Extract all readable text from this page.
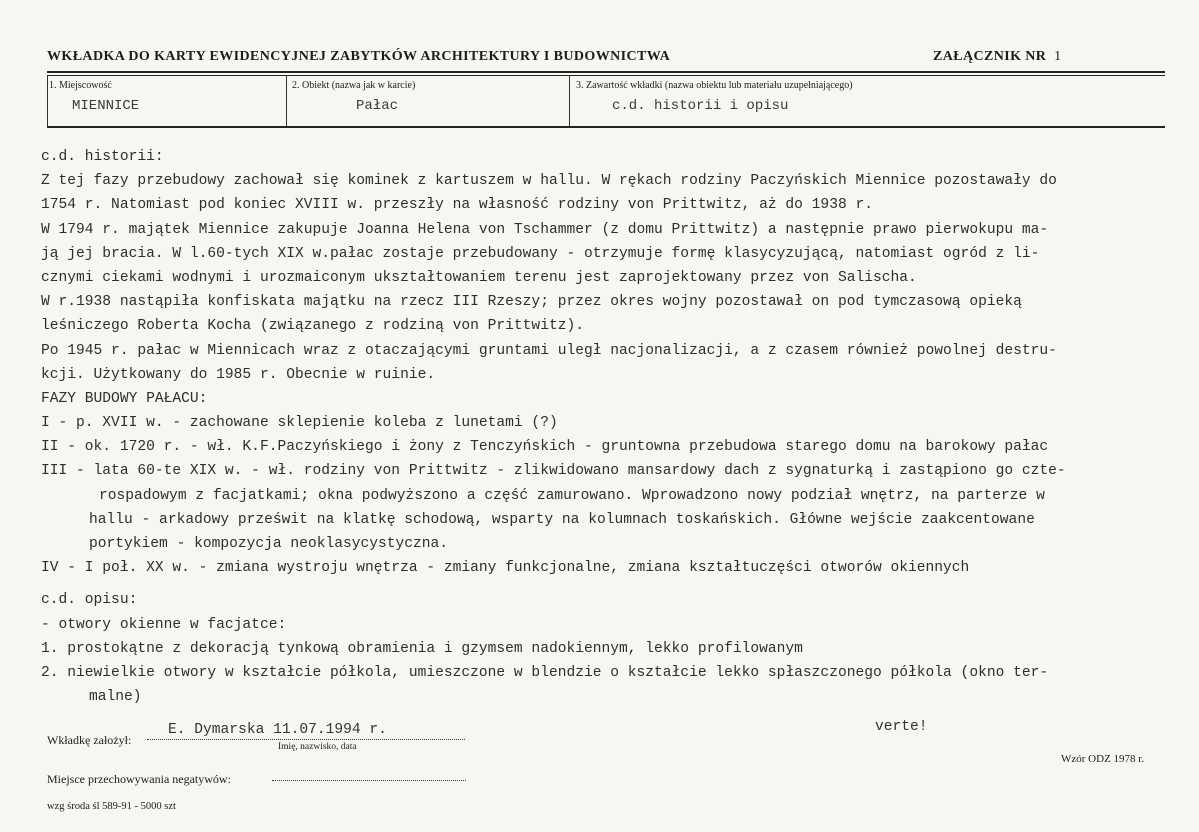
WKŁADKA DO KARTY EWIDENCYJNEJ ZABYTKÓW ARCHITEKTURY I BUDOWNICTWA	ZAŁĄCZNIK NR 1
1. Miejscowość
MIENNICE
2. Obiekt (nazwa jak w karcie)
Pałac
3. Zawartość wkładki (nazwa obiektu lub materiału uzupełniającego)
c.d. historii i opisu
c.d. historii:
Z tej fazy przebudowy zachował się kominek z kartuszem w hallu. W rękach rodziny Paczyńskich Miennice pozostawały do
1754 r. Natomiast pod koniec XVIII w. przeszły na własność rodziny von Prittwitz, aż do 1938 r.
W 1794 r. majątek Miennice zakupuje Joanna Helena von Tschammer (z domu Prittwitz) a następnie prawo pierwokupu ma-
ją jej bracia. W l.60-tych XIX w.pałac zostaje przebudowany - otrzymuje formę klasycyzującą, natomiast ogród z li-
cznymi ciekami wodnymi i urozmaiconym ukształtowaniem terenu jest zaprojektowany przez von Salischa.
W r.1938 nastąpiła konfiskata majątku na rzecz III Rzeszy; przez okres wojny pozostawał on pod tymczasową opieką
leśniczego Roberta Kocha (związanego z rodziną von Prittwitz).
Po 1945 r. pałac w Miennicach wraz z otaczającymi gruntami uległ nacjonalizacji, a z czasem również powolnej destru-
kcji. Użytkowany do 1985 r. Obecnie w ruinie.
FAZY BUDOWY PAŁACU:
I - p. XVII w. - zachowane sklepienie koleba z lunetami (?)
II - ok. 1720 r. - wł. K.F.Paczyńskiego i żony z Tenczyńskich - gruntowna przebudowa starego domu na barokowy pałac
III - lata 60-te XIX w. - wł. rodziny von Prittwitz - zlikwidowano mansardowy dach z sygnaturką i zastąpiono go czte-
rospadowym z facjatkami; okna podwyższono a część zamurowano. Wprowadzono nowy podział wnętrz, na parterze w
hallu - arkadowy prześwit na klatkę schodową, wsparty na kolumnach toskańskich. Główne wejście zaakcentowane
portykiem - kompozycja neoklasycystyczna.
IV - I poł. XX w. - zmiana wystroju wnętrza - zmiany funkcjonalne, zmiana kształtuczęści otworów okiennych
c.d. opisu:
- otwory okienne w facjatce:
1. prostokątne z dekoracją tynkową obramienia i gzymsem nadokiennym, lekko profilowanym
2. niewielkie otwory w kształcie półkola, umieszczone w blendzie o kształcie lekko spłaszczonego półkola (okno ter-
malne)
Wkładkę założył:
E. Dymarska 11.07.1994 r.
Imię, nazwisko, data
verte!
Wzór ODZ 1978 r.
Miejsce przechowywania negatywów:
wzg środa śl 589-91 - 5000 szt
